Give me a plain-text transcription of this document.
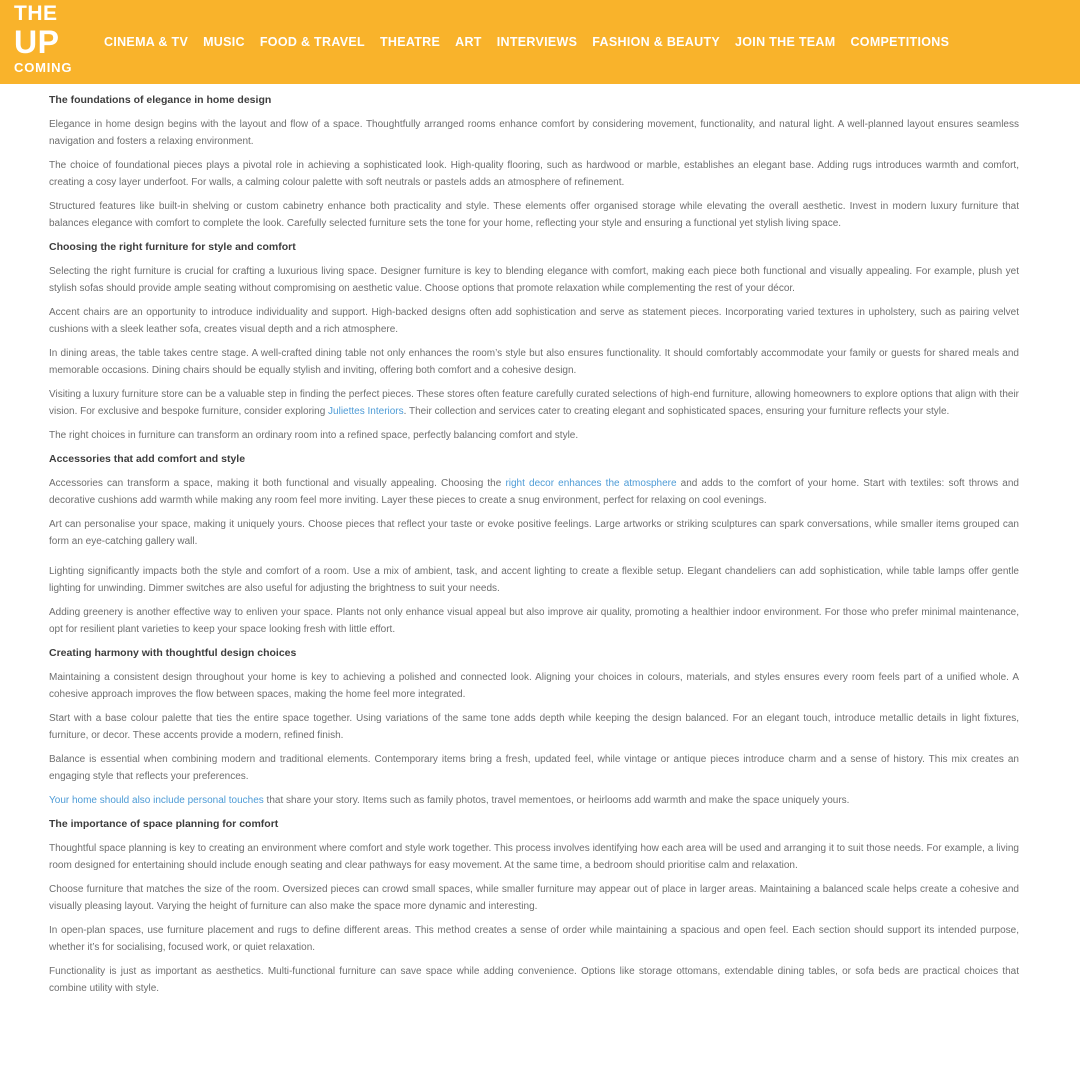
THE
UP
COMING
CINEMA & TV MUSIC FOOD & TRAVEL THEATRE ART INTERVIEWS FASHION & BEAUTY JOIN THE TEAM COMPETITIONS
The foundations of elegance in home design

Elegance in home design begins with the layout and flow of a space. Thoughtfully arranged rooms enhance comfort by considering movement, functionality, and natural light. A well-planned layout ensures seamless navigation and fosters a relaxing environment.

The choice of foundational pieces plays a pivotal role in achieving a sophisticated look. High-quality flooring, such as hardwood or marble, establishes an elegant base. Adding rugs introduces warmth and comfort, creating a cosy layer underfoot. For walls, a calming colour palette with soft neutrals or pastels adds an atmosphere of refinement.

Structured features like built-in shelving or custom cabinetry enhance both practicality and style. These elements offer organised storage while elevating the overall aesthetic. Invest in modern luxury furniture that balances elegance with comfort to complete the look. Carefully selected furniture sets the tone for your home, reflecting your style and ensuring a functional yet stylish living space.

Choosing the right furniture for style and comfort

Selecting the right furniture is crucial for crafting a luxurious living space. Designer furniture is key to blending elegance with comfort, making each piece both functional and visually appealing. For example, plush yet stylish sofas should provide ample seating without compromising on aesthetic value. Choose options that promote relaxation while complementing the rest of your décor.

Accent chairs are an opportunity to introduce individuality and support. High-backed designs often add sophistication and serve as statement pieces. Incorporating varied textures in upholstery, such as pairing velvet cushions with a sleek leather sofa, creates visual depth and a rich atmosphere.

In dining areas, the table takes centre stage. A well-crafted dining table not only enhances the room’s style but also ensures functionality. It should comfortably accommodate your family or guests for shared meals and memorable occasions. Dining chairs should be equally stylish and inviting, offering both comfort and a cohesive design.

Visiting a luxury furniture store can be a valuable step in finding the perfect pieces. These stores often feature carefully curated selections of high-end furniture, allowing homeowners to explore options that align with their vision. For exclusive and bespoke furniture, consider exploring Juliettes Interiors. Their collection and services cater to creating elegant and sophisticated spaces, ensuring your furniture reflects your style.

The right choices in furniture can transform an ordinary room into a refined space, perfectly balancing comfort and style.

Accessories that add comfort and style

Accessories can transform a space, making it both functional and visually appealing. Choosing the right decor enhances the atmosphere and adds to the comfort of your home. Start with textiles: soft throws and decorative cushions add warmth while making any room feel more inviting. Layer these pieces to create a snug environment, perfect for relaxing on cool evenings.

Art can personalise your space, making it uniquely yours. Choose pieces that reflect your taste or evoke positive feelings. Large artworks or striking sculptures can spark conversations, while smaller items grouped can form an eye-catching gallery wall.

Lighting significantly impacts both the style and comfort of a room. Use a mix of ambient, task, and accent lighting to create a flexible setup. Elegant chandeliers can add sophistication, while table lamps offer gentle lighting for unwinding. Dimmer switches are also useful for adjusting the brightness to suit your needs.

Adding greenery is another effective way to enliven your space. Plants not only enhance visual appeal but also improve air quality, promoting a healthier indoor environment. For those who prefer minimal maintenance, opt for resilient plant varieties to keep your space looking fresh with little effort.

Creating harmony with thoughtful design choices

Maintaining a consistent design throughout your home is key to achieving a polished and connected look. Aligning your choices in colours, materials, and styles ensures every room feels part of a unified whole. A cohesive approach improves the flow between spaces, making the home feel more integrated.

Start with a base colour palette that ties the entire space together. Using variations of the same tone adds depth while keeping the design balanced. For an elegant touch, introduce metallic details in light fixtures, furniture, or decor. These accents provide a modern, refined finish.

Balance is essential when combining modern and traditional elements. Contemporary items bring a fresh, updated feel, while vintage or antique pieces introduce charm and a sense of history. This mix creates an engaging style that reflects your preferences.

Your home should also include personal touches that share your story. Items such as family photos, travel mementoes, or heirlooms add warmth and make the space uniquely yours.

The importance of space planning for comfort

Thoughtful space planning is key to creating an environment where comfort and style work together. This process involves identifying how each area will be used and arranging it to suit those needs. For example, a living room designed for entertaining should include enough seating and clear pathways for easy movement. At the same time, a bedroom should prioritise calm and relaxation.

Choose furniture that matches the size of the room. Oversized pieces can crowd small spaces, while smaller furniture may appear out of place in larger areas. Maintaining a balanced scale helps create a cohesive and visually pleasing layout. Varying the height of furniture can also make the space more dynamic and interesting.

In open-plan spaces, use furniture placement and rugs to define different areas. This method creates a sense of order while maintaining a spacious and open feel. Each section should support its intended purpose, whether it’s for socialising, focused work, or quiet relaxation.

Functionality is just as important as aesthetics. Multi-functional furniture can save space while adding convenience. Options like storage ottomans, extendable dining tables, or sofa beds are practical choices that combine utility with style.
